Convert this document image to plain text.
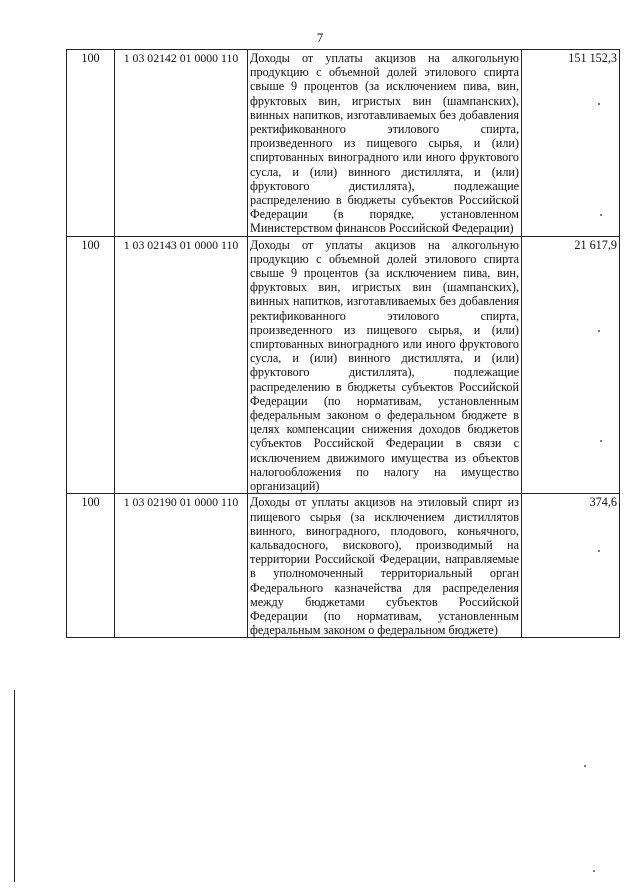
7
100	1 03 02142 01 0000 110	Доходы от уплаты акцизов на алкогольную продукцию с объемной долей этилового спирта свыше 9 процентов (за исключением пива, вин, фруктовых вин, игристых вин (шампанских), винных напитков, изготавливаемых без добавления ректификованного этилового спирта, произведенного из пищевого сырья, и (или) спиртованных виноградного или иного фруктового сусла, и (или) винного дистиллята, и (или) фруктового дистиллята), подлежащие распределению в бюджеты субъектов Российской Федерации (в порядке, установленном Министерством финансов Российской Федерации)	151 152,3
100	1 03 02143 01 0000 110	Доходы от уплаты акцизов на алкогольную продукцию с объемной долей этилового спирта свыше 9 процентов (за исключением пива, вин, фруктовых вин, игристых вин (шампанских), винных напитков, изготавливаемых без добавления ректификованного этилового спирта, произведенного из пищевого сырья, и (или) спиртованных виноградного или иного фруктового сусла, и (или) винного дистиллята, и (или) фруктового дистиллята), подлежащие распределению в бюджеты субъектов Российской Федерации (по нормативам, установленным федеральным законом о федеральном бюджете в целях компенсации снижения доходов бюджетов субъектов Российской Федерации в связи с исключением движимого имущества из объектов налогообложения по налогу на имущество организаций)	21 617,9
100	1 03 02190 01 0000 110	Доходы от уплаты акцизов на этиловый спирт из пищевого сырья (за исключением дистиллятов винного, виноградного, плодового, коньячного, кальвадосного, вискового), производимый на территории Российской Федерации, направляемые в уполномоченный территориальный орган Федерального казначейства для распределения между бюджетами субъектов Российской Федерации (по нормативам, установленным федеральным законом о федеральном бюджете)	374,6
